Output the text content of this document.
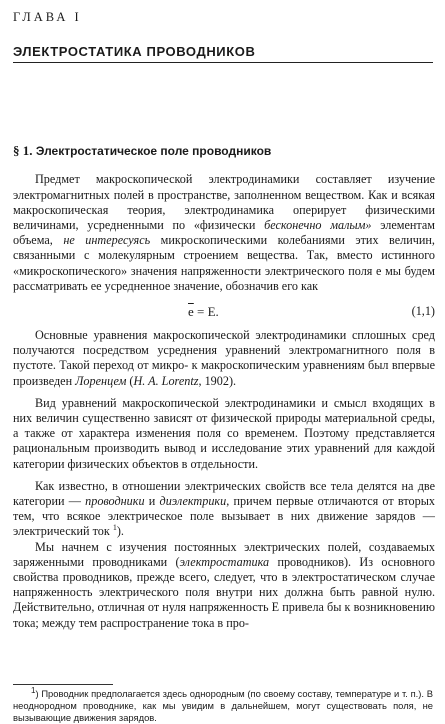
ГЛАВА I
ЭЛЕКТРОСТАТИКА ПРОВОДНИКОВ
§ 1. Электростатическое поле проводников

Предмет макроскопической электродинамики составляет изучение электромагнитных полей в пространстве, заполненном веществом. Как и всякая макроскопическая теория, электродинамика оперирует физическими величинами, усредненными по «физически бесконечно малым» элементам объема, не интересуясь микроскопическими колебаниями этих величин, связанными с молекулярным строением вещества. Так, вместо истинного «микроскопического» значения напряженности электрического поля e мы будем рассматривать ее усредненное значение, обозначив его как

$\overline{e} = E$.	(1,1)

Основные уравнения макроскопической электродинамики сплошных сред получаются посредством усреднения уравнений электромагнитного поля в пустоте. Такой переход от микро- к макроскопическим уравнениям был впервые произведен Лоренцем (H. A. Lorentz, 1902).

Вид уравнений макроскопической электродинамики и смысл входящих в них величин существенно зависят от физической природы материальной среды, а также от характера изменения поля со временем. Поэтому представляется рациональным производить вывод и исследование этих уравнений для каждой категории физических объектов в отдельности.

Как известно, в отношении электрических свойств все тела делятся на две категории — проводники и диэлектрики, причем первые отличаются от вторых тем, что всякое электрическое поле вызывает в них движение зарядов — электрический ток $^1$).

Мы начнем с изучения постоянных электрических полей, создаваемых заряженными проводниками (электростатика проводников). Из основного свойства проводников, прежде всего, следует, что в электростатическом случае напряженность электрического поля внутри них должна быть равной нулю. Действительно, отличная от нуля напряженность E привела бы к возникновению тока; между тем распространение тока в про-

$^1$) Проводник предполагается здесь однородным (по своему составу, температуре и т. п.). В неоднородном проводнике, как мы увидим в дальнейшем, могут существовать поля, не вызывающие движения зарядов.
